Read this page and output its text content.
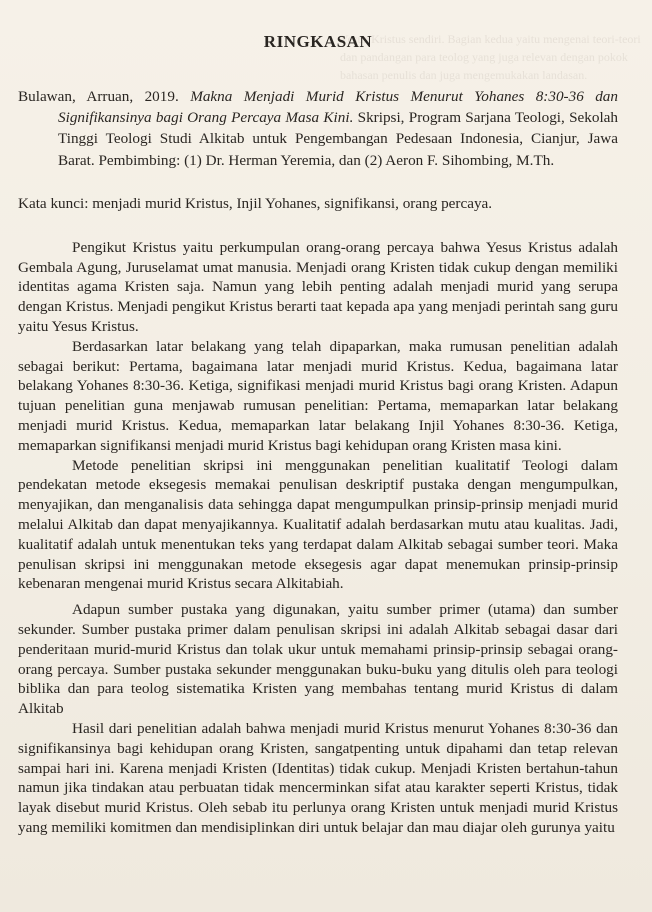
Yesus Kristus sendiri. Bagian kedua yaitu mengenai teori-teori dan pandangan para teolog yang juga relevan dengan pokok bahasan penulis dan juga mengemukakan landasan.
RINGKASAN

Bulawan, Arruan, 2019. Makna Menjadi Murid Kristus Menurut Yohanes 8:30-36 dan Signifikansinya bagi Orang Percaya Masa Kini. Skripsi, Program Sarjana Teologi, Sekolah Tinggi Teologi Studi Alkitab untuk Pengembangan Pedesaan Indonesia, Cianjur, Jawa Barat. Pembimbing: (1) Dr. Herman Yeremia, dan (2) Aeron F. Sihombing, M.Th.

Kata kunci: menjadi murid Kristus, Injil Yohanes, signifikansi, orang percaya.

Pengikut Kristus yaitu perkumpulan orang-orang percaya bahwa Yesus Kristus adalah Gembala Agung, Juruselamat umat manusia. Menjadi orang Kristen tidak cukup dengan memiliki identitas agama Kristen saja. Namun yang lebih penting adalah menjadi murid yang serupa dengan Kristus. Menjadi pengikut Kristus berarti taat kepada apa yang menjadi perintah sang guru yaitu Yesus Kristus.

Berdasarkan latar belakang yang telah dipaparkan, maka rumusan penelitian adalah sebagai berikut: Pertama, bagaimana latar menjadi murid Kristus. Kedua, bagaimana latar belakang Yohanes 8:30-36. Ketiga, signifikasi menjadi murid Kristus bagi orang Kristen. Adapun tujuan penelitian guna menjawab rumusan penelitian: Pertama, memaparkan latar belakang menjadi murid Kristus. Kedua, memaparkan latar belakang Injil Yohanes 8:30-36. Ketiga, memaparkan signifikansi menjadi murid Kristus bagi kehidupan orang Kristen masa kini.

Metode penelitian skripsi ini menggunakan penelitian kualitatif Teologi dalam pendekatan metode eksegesis memakai penulisan deskriptif pustaka dengan mengumpulkan, menyajikan, dan menganalisis data sehingga dapat mengumpulkan prinsip-prinsip menjadi murid melalui Alkitab dan dapat menyajikannya. Kualitatif adalah berdasarkan mutu atau kualitas. Jadi, kualitatif adalah untuk menentukan teks yang terdapat dalam Alkitab sebagai sumber teori. Maka penulisan skripsi ini menggunakan metode eksegesis agar dapat menemukan prinsip-prinsip kebenaran mengenai murid Kristus secara Alkitabiah.

Adapun sumber pustaka yang digunakan, yaitu sumber primer (utama) dan sumber sekunder. Sumber pustaka primer dalam penulisan skripsi ini adalah Alkitab sebagai dasar dari penderitaan murid-murid Kristus dan tolak ukur untuk memahami prinsip-prinsip sebagai orang-orang percaya. Sumber pustaka sekunder menggunakan buku-buku yang ditulis oleh para teologi biblika dan para teolog sistematika Kristen yang membahas tentang murid Kristus di dalam Alkitab

Hasil dari penelitian adalah bahwa menjadi murid Kristus menurut Yohanes 8:30-36 dan signifikansinya bagi kehidupan orang Kristen, sangatpenting untuk dipahami dan tetap relevan sampai hari ini. Karena menjadi Kristen (Identitas) tidak cukup. Menjadi Kristen bertahun-tahun namun jika tindakan atau perbuatan tidak mencerminkan sifat atau karakter seperti Kristus, tidak layak disebut murid Kristus. Oleh sebab itu perlunya orang Kristen untuk menjadi murid Kristus yang memiliki komitmen dan mendisiplinkan diri untuk belajar dan mau diajar oleh gurunya yaitu
